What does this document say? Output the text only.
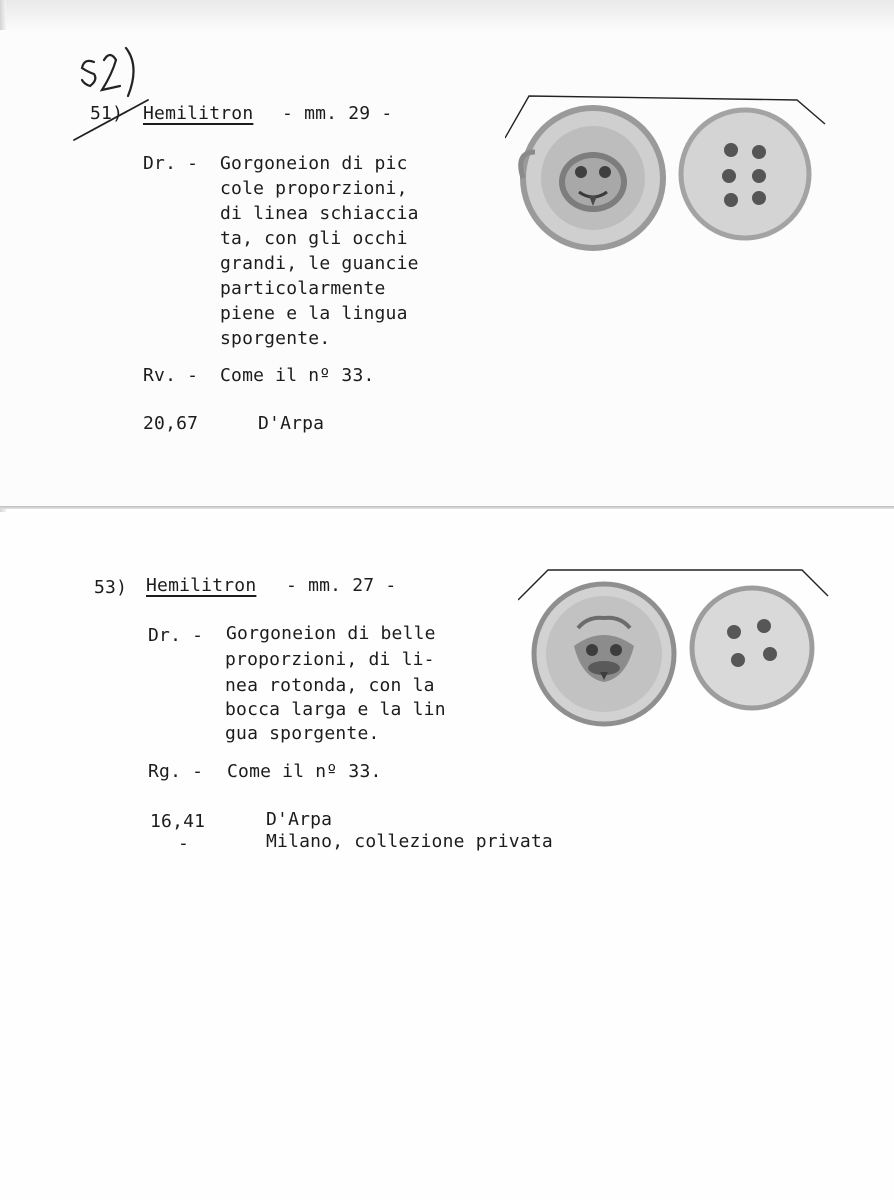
51) Hemilitron - mm. 29 -
Dr. - Gorgoneion di pic
cole proporzioni,
di linea schiaccia
ta, con gli occhi
grandi, le guancie
particolarmente
piene e la lingua
sporgente.
Rv. - Come il nº 33.
20,67	D'Arpa
53) Hemilitron - mm. 27 -
Dr. - Gorgoneion di belle
proporzioni, di li-
nea rotonda, con la
bocca larga e la lin
gua sporgente.
Rg. - Come il nº 33.
16,41	D'Arpa
-	Milano, collezione privata
